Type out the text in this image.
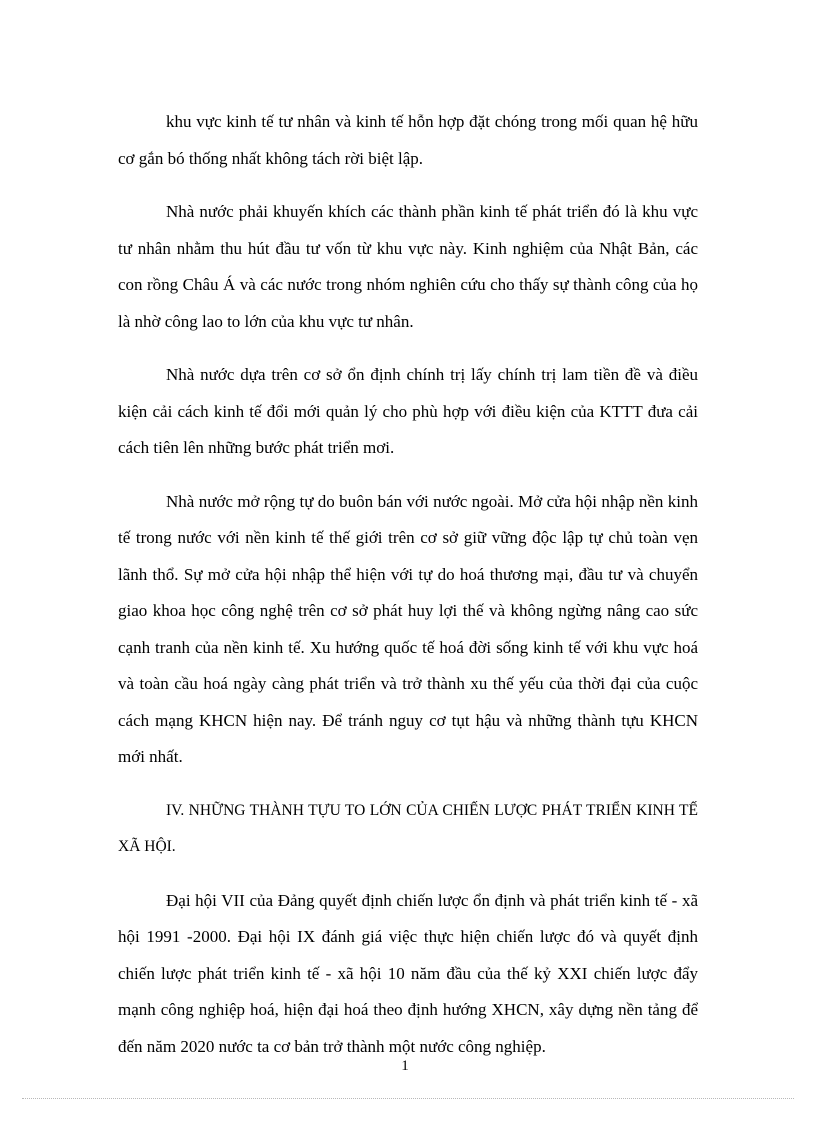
khu vực kinh tế tư nhân và kinh tế hỗn hợp đặt chóng trong mối quan hệ hữu cơ gắn bó thống nhất không tách rời biệt lập.

Nhà nước phải khuyến khích các thành phần kinh tế phát triển đó là khu vực tư nhân nhằm thu hút đầu tư vốn từ khu vực này. Kinh nghiệm của Nhật Bản, các con rồng Châu Á và các nước trong nhóm nghiên cứu cho thấy sự thành công của họ là nhờ công lao to lớn của khu vực tư nhân.

Nhà nước dựa trên cơ sở ổn định chính trị lấy chính trị lam tiền đề và điều kiện cải cách kinh tế đổi mới quản lý cho phù hợp với điều kiện của KTTT đưa cải cách tiên lên những bước phát triển mơi.

Nhà nước mở rộng tự do buôn bán với nước ngoài. Mở cửa hội nhập nền kinh tế trong nước với nền kinh tế thế giới trên cơ sở giữ vững độc lập tự chủ toàn vẹn lãnh thổ. Sự mở cửa hội nhập thể hiện với tự do hoá thương mại, đầu tư và chuyển giao khoa học công nghệ trên cơ sở phát huy lợi thế và không ngừng nâng cao sức cạnh tranh của nền kinh tế. Xu hướng quốc tế hoá đời sống kinh tế với khu vực hoá và toàn cầu hoá ngày càng phát triển và trở thành xu thế yếu của thời đại của cuộc cách mạng KHCN hiện nay. Để tránh nguy cơ tụt hậu và những thành tựu KHCN mới nhất.

IV. NHỮNG THÀNH TỰU TO LỚN CỦA CHIẾN LƯỢC PHÁT TRIỂN KINH TẾ XÃ HỘI.

Đại hội VII của Đảng quyết định chiến lược ổn định và phát triển kinh tế - xã hội 1991 -2000. Đại hội IX đánh giá việc thực hiện chiến lược đó và quyết định chiến lược phát triển kinh tế - xã hội 10 năm đầu của thế kỷ XXI chiến lược đẩy mạnh công nghiệp hoá, hiện đại hoá theo định hướng XHCN, xây dựng nền tảng để đến năm 2020 nước ta cơ bản trở thành một nước công nghiệp.

1
